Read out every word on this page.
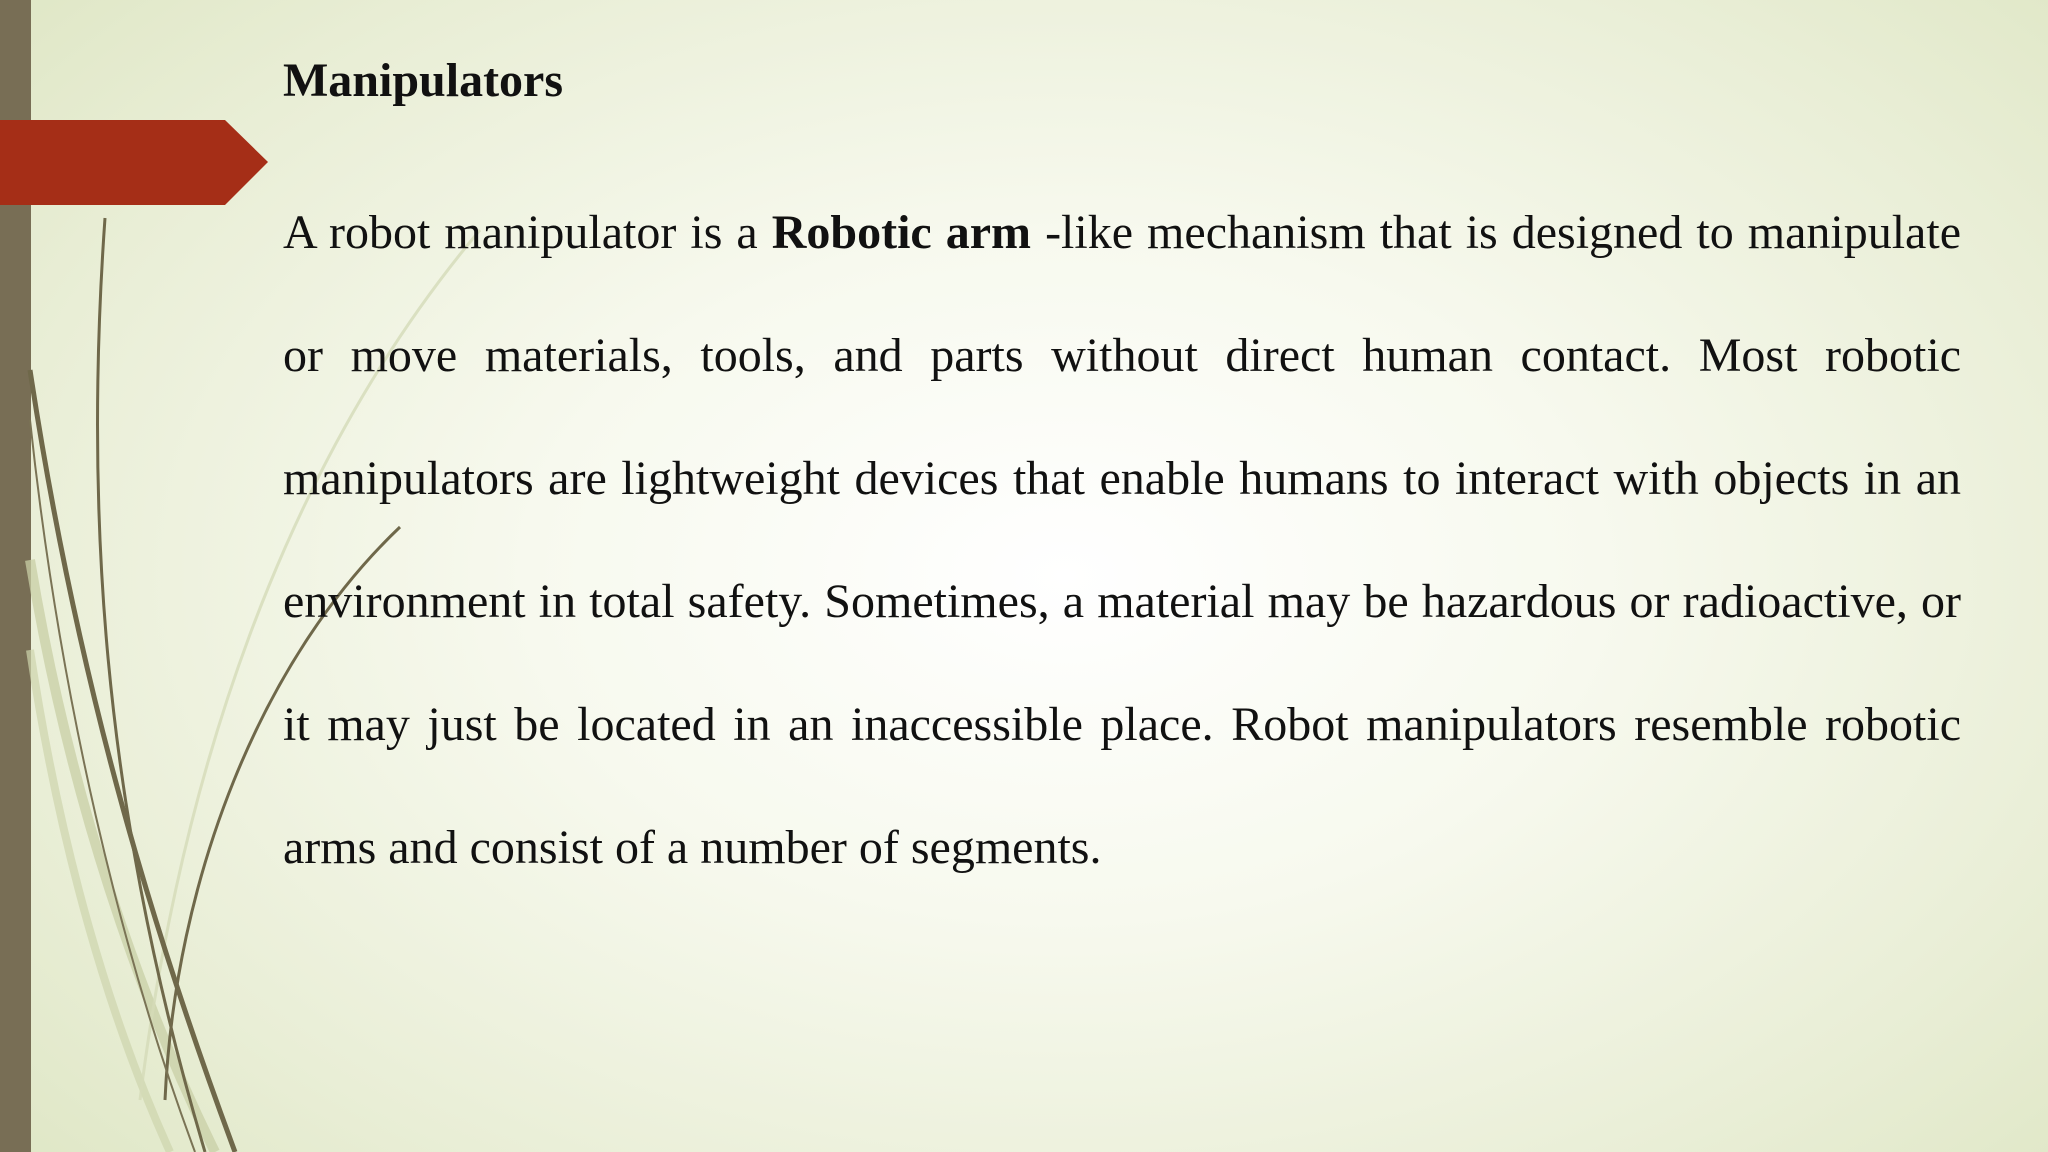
Manipulators

A robot manipulator is a Robotic arm -like mechanism that is designed to manipulate or move materials, tools, and parts without direct human contact. Most robotic manipulators are lightweight devices that enable humans to interact with objects in an environment in total safety. Sometimes, a material may be hazardous or radioactive, or it may just be located in an inaccessible place. Robot manipulators resemble robotic arms and consist of a number of segments.
